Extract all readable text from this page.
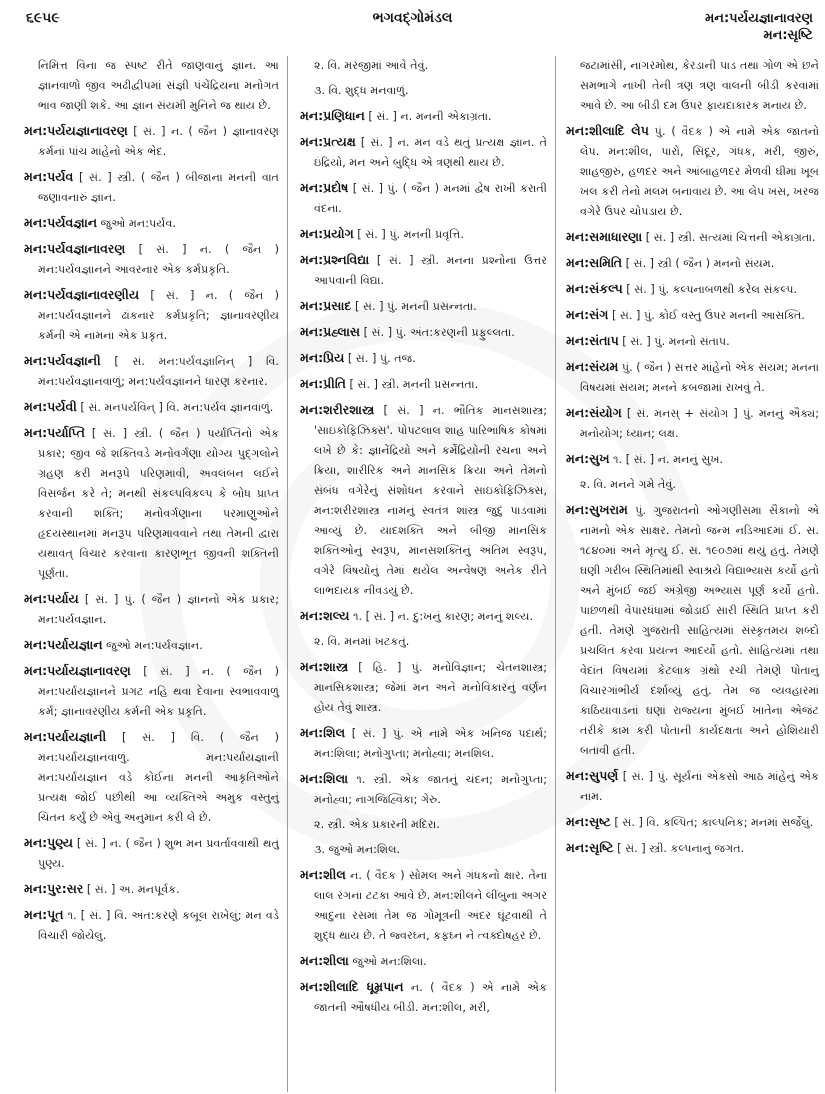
૬૯૫૯	ભગવદ્ગોમંડલ	મન:પર્યયજ્ઞાનાવરણ
મન:સૃષ્ટિ

નિમિત્ત વિના જ સ્પષ્ટ રીતે જાણવાનું જ્ઞાન. આ જ્ઞાનવાળો જીવ અઢીદ્વીપમાં સંજ્ઞી પંચેંદ્રિયના મનોગત ભાવ જાણી શકે. આ જ્ઞાન સંયમી મુનિને જ થાય છે.

મન:પર્યયજ્ઞાનાવરણ [ સં. ] ન. ( જૈન ) જ્ઞાનાવરણ કર્મનાં પાંચ માંહેનો એક ભેદ.

મન:પર્યવ [ સં. ] સ્ત્રી. ( જૈન ) બીજાના મનની વાત જણાવનારું જ્ઞાન.

મન:પર્યવજ્ઞાન જુઓ મન:પર્યવ.

મન:પર્યવજ્ઞાનાવરણ [ સં. ] ન. ( જૈન ) મન:પર્યવજ્ઞાનને આવરનાર એક કર્મપ્રકૃતિ.

મન:પર્યવજ્ઞાનાવરણીય [ સં. ] ન. ( જૈન ) મન:પર્યવજ્ઞાનને ઢાંકનાર કર્મપ્રકૃતિ; જ્ઞાનાવરણીય કર્મની એ નામના એક પ્રકૃત.

મન:પર્યવજ્ઞાની [ સં. મન:પર્યવજ્ઞાનિન્ ] વિ. મન:પર્યવજ્ઞાનવાળું; મન:પર્યવજ્ઞાનને ધારણ કરનાર.

મન:પર્યવી [ સં. મનપર્યવિન્ ] વિ. મન:પર્યવ જ્ઞાનવાળું.

મન:પર્યાપ્તિ [ સં. ] સ્ત્રી. ( જૈન ) પર્યાપ્તિનો એક પ્રકાર; જીવ જે શક્તિવડે મનોવર્ગણા યોગ્ય પુદ્ગલોને ગ્રહણ કરી મનરૂપે પરિણમાવી, અવલંબન લઈને વિસર્જન કરે તે; મનથી સંકલ્પવિકલ્પ કે બોધ પ્રાપ્ત કરવાની શક્તિ; મનોવર્ગણાના પરમાણુઓને હૃદયસ્થાનમાં મનરૂપ પરિણમાવવાને તથા તેમની દ્વારા યથાવત્ વિચાર કરવાના કારણભૂત જીવની શક્તિની પૂર્ણતા.

મન:પર્યાય [ સં. ] પું. ( જૈન ) જ્ઞાનનો એક પ્રકાર; મન:પર્યવજ્ઞાન.

મન:પર્યાયજ્ઞાન જુઓ મન:પર્યવજ્ઞાન.

મન:પર્યાયજ્ઞાનાવરણ [ સં. ] ન. ( જૈન ) મન:પર્યાયજ્ઞાનને પ્રગટ નહિ થવા દેવાના સ્વભાવવાળું કર્મ; જ્ઞાનાવરણીય કર્મની એક પ્રકૃતિ.

મન:પર્યાયજ્ઞાની [ સં. ] વિ. ( જૈન ) મન:પર્યાયજ્ઞાનવાળું. મન:પર્યાયજ્ઞાની મન:પર્યાયજ્ઞાન વડે કોઈના મનની આકૃતિઓને પ્રત્યક્ષ જોઈ પછીથી આ વ્યક્તિએ અમુક વસ્તુનું ચિંતન કર્યું છે એવું અનુમાન કરી લે છે.

મન:પુણ્ય [ સં. ] ન. ( જૈન ) શુભ મન પ્રવર્તાવવાથી થતું પુણ્ય.

મન:પુર:સર [ સં. ] અ. મનપૂર્વક.

મન:પૂત ૧. [ સં. ] વિ. અંત:કરણે કબૂલ રાખેલું; મન વડે વિચારી જોયેલું.

૨. વિ. મરજીમાં આવે તેવું.

૩. વિ. શુદ્ધ મનવાળું.

મન:પ્રણિધાન [ સં. ] ન. મનની એકાગ્રતા.

મન:પ્રત્યક્ષ [ સં. ] ન. મન વડે થતું પ્રત્યક્ષ જ્ઞાન. તે ઇંદ્રિયો, મન અને બુદ્ધિ એ ત્રણથી થાય છે.

મન:પ્રદોષ [ સં. ] પું. ( જૈન ) મનમાં દ્વેષ રાખી કરાતી વંદના.

મન:પ્રયોગ [ સં. ] પું. મનની પ્રવૃત્તિ.

મન:પ્રશ્નવિદ્યા [ સં. ] સ્ત્રી. મનના પ્રશ્નોના ઉત્તર આપવાની વિદ્યા.

મન:પ્રસાદ [ સં. ] પું. મનની પ્રસન્નતા.

મન:પ્રહ્લાસ [ સં. ] પું. અંત:કરણની પ્રફુલ્લતા.

મન:પ્રિય [ સં. ] પું. તજ.

મન:પ્રીતિ [ સં. ] સ્ત્રી. મનની પ્રસન્નતા.

મન:શરીરશાસ્ત્ર [ સં. ] ન. ભૌતિક માનસશાસ્ત્ર; 'સાઇકોફિઝિક્સ'. પોપટલાલ શાહ પારિભાષિક કોષમાં લખે છે કે: જ્ઞાનેંદ્રિયો અને કર્મેંદ્રિયોની રચના અને ક્રિયા, શારીરિક અને માનસિક ક્રિયા અને તેમનો સંબંધ વગેરેનું સંશોધન કરવાને સાઇકોફિઝિક્સ, મન:શરીરશાસ્ત્ર નામનું સ્વતંત્ર શાસ્ત્ર જુદું પાડવામાં આવ્યું છે. યાદશક્તિ અને બીજી માનસિક શક્તિઓનું સ્વરૂપ, માનસશક્તિનું અંતિમ સ્વરૂપ, વગેરે વિષયોનું તેમાં થયેલ અન્વેષણ અનેક રીતે લાભદાયક નીવડયું છે.

મન:શલ્ય ૧. [ સં. ] ન. દુ:ખનું કારણ; મનનું શલ્ય.

૨. વિ. મનમાં ખટકતું.

મન:શાસ્ત્ર [ હિ. ] પું. મનોવિજ્ઞાન; ચેતનશાસ્ત્ર; માનસિકશાસ્ત્ર; જેમાં મન અને મનોવિકારનું વર્ણન હોય તેવું શાસ્ત્ર.

મન:શિલ [ સં. ] પું. એ નામે એક ખનિજ પદાર્થ; મન:શિલા; મનોગુપ્તા; મનોહ્વા; મનશિલ.

મન:શિલા ૧. સ્ત્રી. એક જાતનું ચંદન; મનોગુપ્તા; મનોહ્વા; નાગજિહ્વિકા; ગેરુ.

૨. સ્ત્રી. એક પ્રકારની મદિરા.

૩. જુઓ મન:શિલ.

મન:શીલ ન. ( વૈદક ) સોમલ અને ગંધકનો ક્ષાર. તેના લાલ રંગના ટટકા આવે છે. મન:શીલને લીંબુના અગર આદુના રસમાં તેમ જ ગોમૂત્રની અંદર ઘૂંટવાથી તે શુદ્ધ થાય છે. તે જ્વરઘ્ન, કફઘ્ન ને ત્વક્દોષહર છે.

મન:શીલા જુઓ મન:શિલા.

મન:શીલાદિ ધૂમ્રપાન ન. ( વૈદક ) એ નામે એક જાતની ઔષધીય બીડી. મન:શીલ, મરી,

જટામાંસી, નાગરમોથ, કેરડાની પાડ તથા ગોળ એ છને સમભાગે નાખી તેની ત્રણ ત્રણ વાલની બીડી કરવામાં આવે છે. આ બીડી દમ ઉપર ફાયદાકારક મનાય છે.

મન:શીલાદિ લેપ પું. ( વૈદક ) એ નામે એક જાતનો લેપ. મન:શીલ, પારો, સિંદૂર, ગંધક, મરી, જીરું, શાહજીરું, હળદર અને આંબાહળદર મેળવી ઘીમાં ખૂબ ખલ કરી તેનો મલમ બનાવાય છે. આ લેપ ખસ, ખરજ વગેરે ઉપર ચોપડાય છે.

મન:સમાધારણા [ સં. ] સ્ત્રી. સત્યમાં ચિત્તની એકાગ્રતા.

મન:સમિતિ [ સં. ] સ્ત્રી ( જૈન ) મનનો સંયમ.

મન:સંકલ્પ [ સં. ] પું. કલ્પનાબળથી કરેલ સંકલ્પ.

મન:સંગ [ સં. ] પું. કોઈ વસ્તુ ઉપર મનની આસક્તિ.

મન:સંતાપ [ સં. ] પું. મનનો સંતાપ.

મન:સંયમ પું. ( જૈન ) સત્તર માંહેનો એક સંયમ; મનના વિષયમાં સંયમ; મનને કબજામાં રાખવું તે.

મન:સંયોગ [ સં. મનસ્ + સંયોગ ] પું. મનનું ઐક્ય; મનોયોગ; ધ્યાન; લક્ષ.

મન:સુખ ૧. [ સં. ] ન. મનનું સુખ.

૨. વિ. મનને ગમે તેવું.

મન:સુખરામ પું. ગુજરાતનો ઓગણીસમા સૈકાનો એ નામનો એક સાક્ષર. તેમનો જન્મ નડિઆદમાં ઈ. સ. ૧૮૪૦માં અને મૃત્યુ ઈ. સ. ૧૯૦૭માં થયું હતું. તેમણે ઘણી ગરીબ સ્થિતિમાંથી સ્વાશ્રયે વિદ્યાભ્યાસ કર્યો હતો અને મુંબઈ જઈ અંગ્રેજી અભ્યાસ પૂર્ણ કર્યો હતો. પાછળથી વેપારધંધામાં જોડાઈ સારી સ્થિતિ પ્રાપ્ત કરી હતી. તેમણે ગુજરાતી સાહિત્યમાં સંસ્કૃતમય શબ્દો પ્રચલિત કરવા પ્રયત્ન આદર્યો હતો. સાહિત્યમાં તથા વેદાંત વિષયમાં કેટલાક ગ્રંથો રચી તેમણે પોતાનું વિચારગાંભીર્ય દર્શાવ્યું હતું. તેમ જ વ્યવહારમાં કાઠિયાવાડનાં ઘણાં રાજ્યના મુંબઈ ખાતેના એજંટ તરીકે કામ કરી પોતાની કાર્યદક્ષતા અને હોશિયારી બતાવી હતી.

મન:સુપર્ણ [ સં. ] પું. સૂર્યનાં એકસો આઠ માંહેનું એક નામ.

મન:સૃષ્ટ [ સં. ] વિ. કલ્પિત; કાલ્પનિક; મનમાં સર્જેલું.

મન:સૃષ્ટિ [ સં. ] સ્ત્રી. કલ્પનાનું જગત.
